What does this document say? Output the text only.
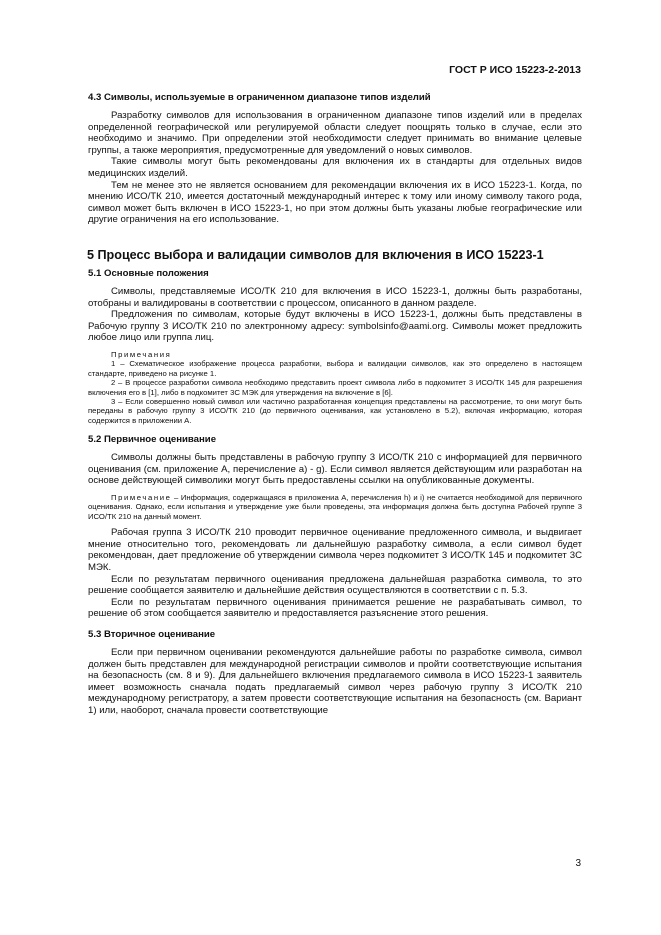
ГОСТ Р ИСО 15223-2-2013
4.3 Символы, используемые в ограниченном диапазоне типов изделий

Разработку символов для использования в ограниченном диапазоне типов изделий или в пределах определенной географической или регулируемой области следует поощрять только в случае, если это необходимо и значимо. При определении этой необходимости следует принимать во внимание целевые группы, а также мероприятия, предусмотренные для уведомлений о новых символов.

Такие символы могут быть рекомендованы для включения их в стандарты для отдельных видов медицинских изделий.

Тем не менее это не является основанием для рекомендации включения их в ИСО 15223-1. Когда, по мнению ИСО/ТК 210, имеется достаточный международный интерес к тому или иному символу такого рода, символ может быть включен в ИСО 15223-1, но при этом должны быть указаны любые географические или другие ограничения на его использование.

5 Процесс выбора и валидации символов для включения в ИСО 15223-1
5.1 Основные положения

Символы, представляемые ИСО/ТК 210 для включения в ИСО 15223-1, должны быть разработаны, отобраны и валидированы в соответствии с процессом, описанного в данном разделе.

Предложения по символам, которые будут включены в ИСО 15223-1, должны быть представлены в Рабочую группу 3 ИСО/ТК 210 по электронному адресу: symbolsinfo@aami.org. Символы может предложить любое лицо или группа лиц.

Примечания

1 – Схематическое изображение процесса разработки, выбора и валидации символов, как это определено в настоящем стандарте, приведено на рисунке 1.

2 – В процессе разработки символа необходимо представить проект символа либо в подкомитет 3 ИСО/ТК 145 для разрешения включения его в [1], либо в подкомитет 3С МЭК для утверждения на включение в [6].

3 – Если совершенно новый символ или частично разработанная концепция представлены на рассмотрение, то они могут быть переданы в рабочую группу 3 ИСО/ТК 210 (до первичного оценивания, как установлено в 5.2), включая информацию, которая содержится в приложении А.

5.2 Первичное оценивание

Символы должны быть представлены в рабочую группу 3 ИСО/ТК 210 с информацией для первичного оценивания (см. приложение А, перечисление а) - g). Если символ является действующим или разработан на основе действующей символики могут быть предоставлены ссылки на опубликованные документы.

Примечание – Информация, содержащаяся в приложениа А, перечисления h) и i) не считается необходимой для первичного оценивания. Однако, если испытания и утверждение уже были проведены, эта информация должна быть доступна Рабочей группе 3 ИСО/ТК 210 на данный момент.

Рабочая группа 3 ИСО/ТК 210 проводит первичное оценивание предложенного символа, и выдвигает мнение относительно того, рекомендовать ли дальнейшую разработку символа, а если символ будет рекомендован, дает предложение об утверждении символа через подкомитет 3 ИСО/ТК 145 и подкомитет 3С МЭК.

Если по результатам первичного оценивания предложена дальнейшая разработка символа, то это решение сообщается заявителю и дальнейшие действия осуществляются в соответствии с п. 5.3.

Если по результатам первичного оценивания принимается решение не разрабатывать символ, то решение об этом сообщается заявителю и предоставляется разъяснение этого решения.

5.3 Вторичное оценивание

Если при первичном оценивании рекомендуются дальнейшие работы по разработке символа, символ должен быть представлен для международной регистрации символов и пройти соответствующие испытания на безопасность (см. 8 и 9). Для дальнейшего включения предлагаемого символа в ИСО 15223-1 заявитель имеет возможность сначала подать предлагаемый символ через рабочую группу 3 ИСО/ТК 210 международному регистратору, а затем провести соответствующие испытания на безопасность (см. Вариант 1) или, наоборот, сначала провести соответствующие

3
